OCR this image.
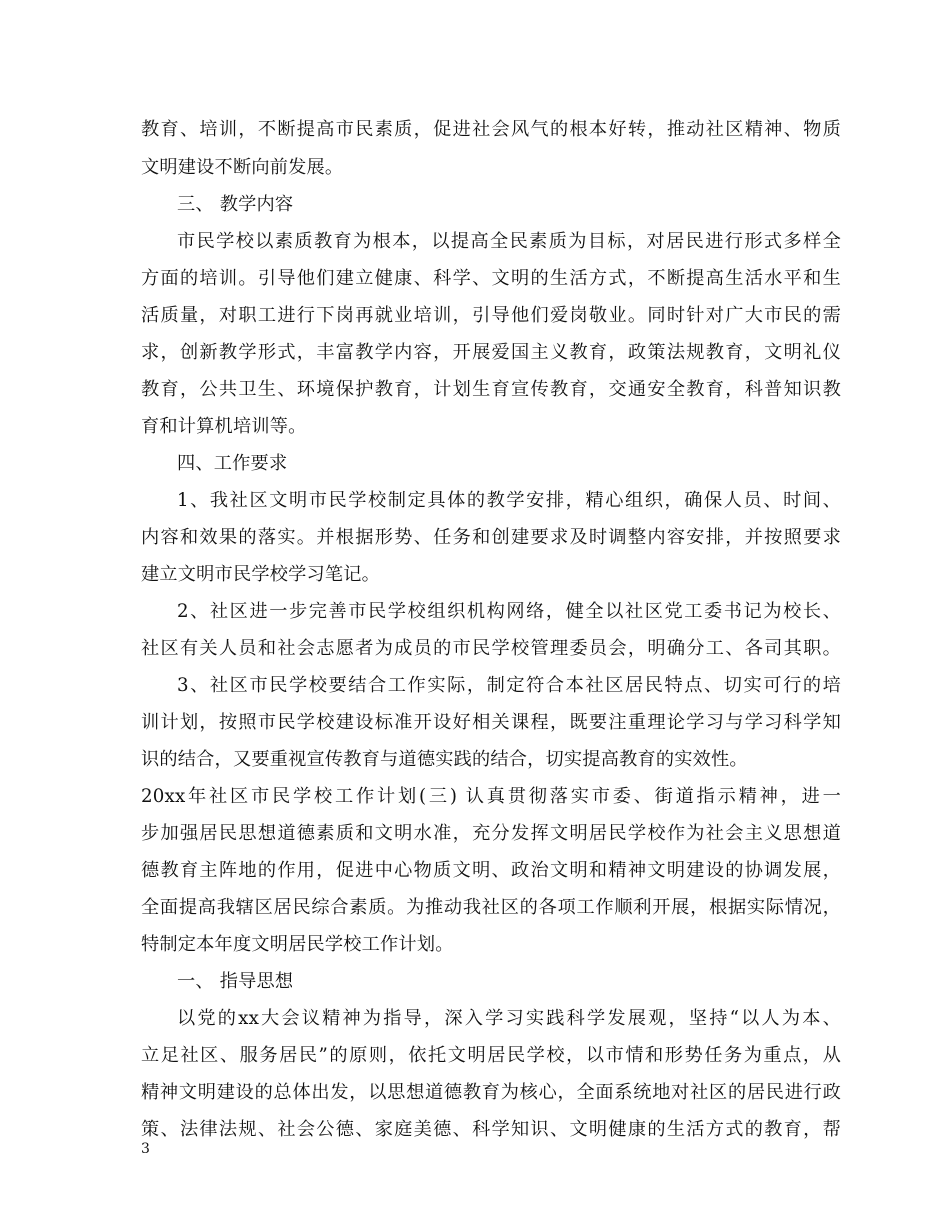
教育、培训，不断提高市民素质，促进社会风气的根本好转，推动社区精神、物质
文明建设不断向前发展。
三、 教学内容
市民学校以素质教育为根本，以提高全民素质为目标，对居民进行形式多样全
方面的培训。引导他们建立健康、科学、文明的生活方式，不断提高生活水平和生
活质量，对职工进行下岗再就业培训，引导他们爱岗敬业。同时针对广大市民的需
求，创新教学形式，丰富教学内容，开展爱国主义教育，政策法规教育，文明礼仪
教育，公共卫生、环境保护教育，计划生育宣传教育，交通安全教育，科普知识教
育和计算机培训等。
四、工作要求
1、我社区文明市民学校制定具体的教学安排，精心组织，确保人员、时间、
内容和效果的落实。并根据形势、任务和创建要求及时调整内容安排，并按照要求
建立文明市民学校学习笔记。
2、社区进一步完善市民学校组织机构网络，健全以社区党工委书记为校长、
社区有关人员和社会志愿者为成员的市民学校管理委员会，明确分工、各司其职。
3、社区市民学校要结合工作实际，制定符合本社区居民特点、切实可行的培
训计划，按照市民学校建设标准开设好相关课程，既要注重理论学习与学习科学知
识的结合，又要重视宣传教育与道德实践的结合，切实提高教育的实效性。
20xx年社区市民学校工作计划(三) 认真贯彻落实市委、街道指示精神，进一
步加强居民思想道德素质和文明水准，充分发挥文明居民学校作为社会主义思想道
德教育主阵地的作用，促进中心物质文明、政治文明和精神文明建设的协调发展，
全面提高我辖区居民综合素质。为推动我社区的各项工作顺利开展，根据实际情况，
特制定本年度文明居民学校工作计划。
一、 指导思想
以党的xx大会议精神为指导，深入学习实践科学发展观，坚持“以人为本、
立足社区、服务居民”的原则，依托文明居民学校，以市情和形势任务为重点，从
精神文明建设的总体出发，以思想道德教育为核心，全面系统地对社区的居民进行政
策、法律法规、社会公德、家庭美德、科学知识、文明健康的生活方式的教育，帮
3
